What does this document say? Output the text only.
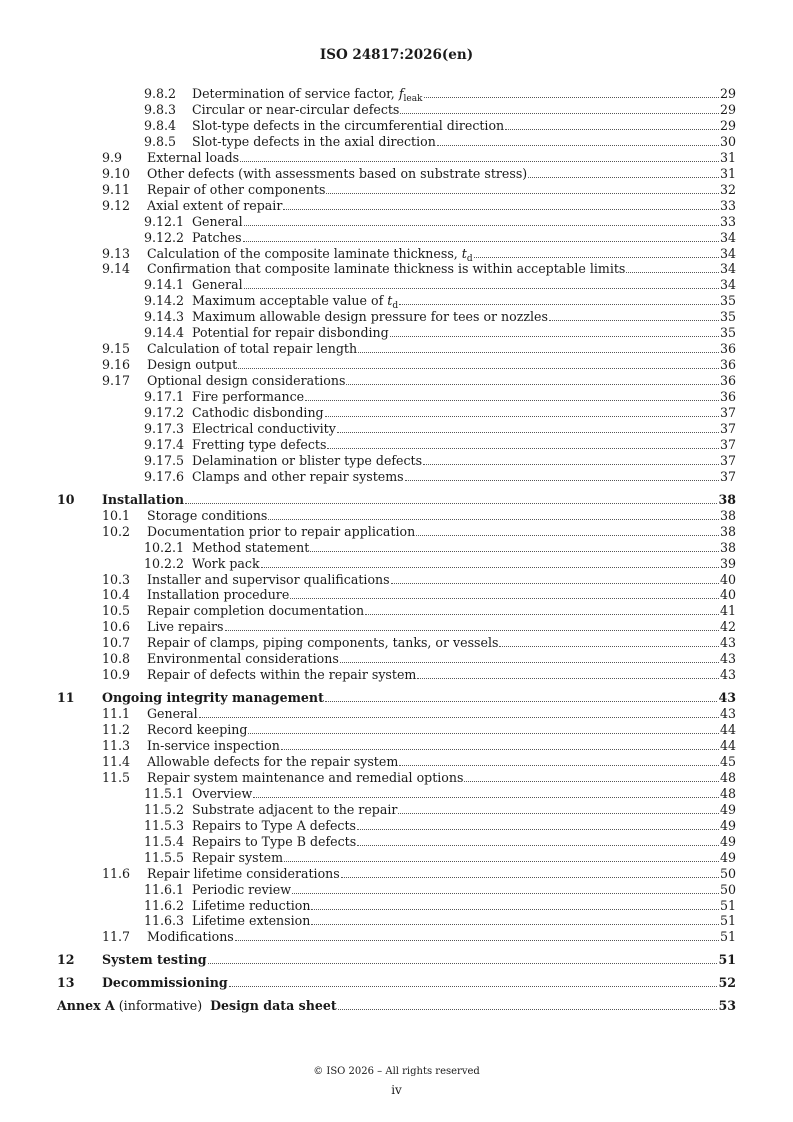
ISO 24817:2026(en)
9.8.2 Determination of service factor, $f_{leak}$	29
9.8.3 Circular or near-circular defects	29
9.8.4 Slot-type defects in the circumferential direction	29
9.8.5 Slot-type defects in the axial direction	30
9.9 External loads	31
9.10 Other defects (with assessments based on substrate stress)	31
9.11 Repair of other components	32
9.12 Axial extent of repair	33
9.12.1 General	33
9.12.2 Patches	34
9.13 Calculation of the composite laminate thickness, $t_d$	34
9.14 Confirmation that composite laminate thickness is within acceptable limits	34
9.14.1 General	34
9.14.2 Maximum acceptable value of $t_d$	35
9.14.3 Maximum allowable design pressure for tees or nozzles	35
9.14.4 Potential for repair disbonding	35
9.15 Calculation of total repair length	36
9.16 Design output	36
9.17 Optional design considerations	36
9.17.1 Fire performance	36
9.17.2 Cathodic disbonding	37
9.17.3 Electrical conductivity	37
9.17.4 Fretting type defects	37
9.17.5 Delamination or blister type defects	37
9.17.6 Clamps and other repair systems	37
10 Installation	38
10.1 Storage conditions	38
10.2 Documentation prior to repair application	38
10.2.1 Method statement	38
10.2.2 Work pack	39
10.3 Installer and supervisor qualifications	40
10.4 Installation procedure	40
10.5 Repair completion documentation	41
10.6 Live repairs	42
10.7 Repair of clamps, piping components, tanks, or vessels	43
10.8 Environmental considerations	43
10.9 Repair of defects within the repair system	43
11 Ongoing integrity management	43
11.1 General	43
11.2 Record keeping	44
11.3 In-service inspection	44
11.4 Allowable defects for the repair system	45
11.5 Repair system maintenance and remedial options	48
11.5.1 Overview	48
11.5.2 Substrate adjacent to the repair	49
11.5.3 Repairs to Type A defects	49
11.5.4 Repairs to Type B defects	49
11.5.5 Repair system	49
11.6 Repair lifetime considerations	50
11.6.1 Periodic review	50
11.6.2 Lifetime reduction	51
11.6.3 Lifetime extension	51
11.7 Modifications	51
12 System testing	51
13 Decommissioning	52
Annex A (informative) Design data sheet	53
© ISO 2026 – All rights reserved
iv
